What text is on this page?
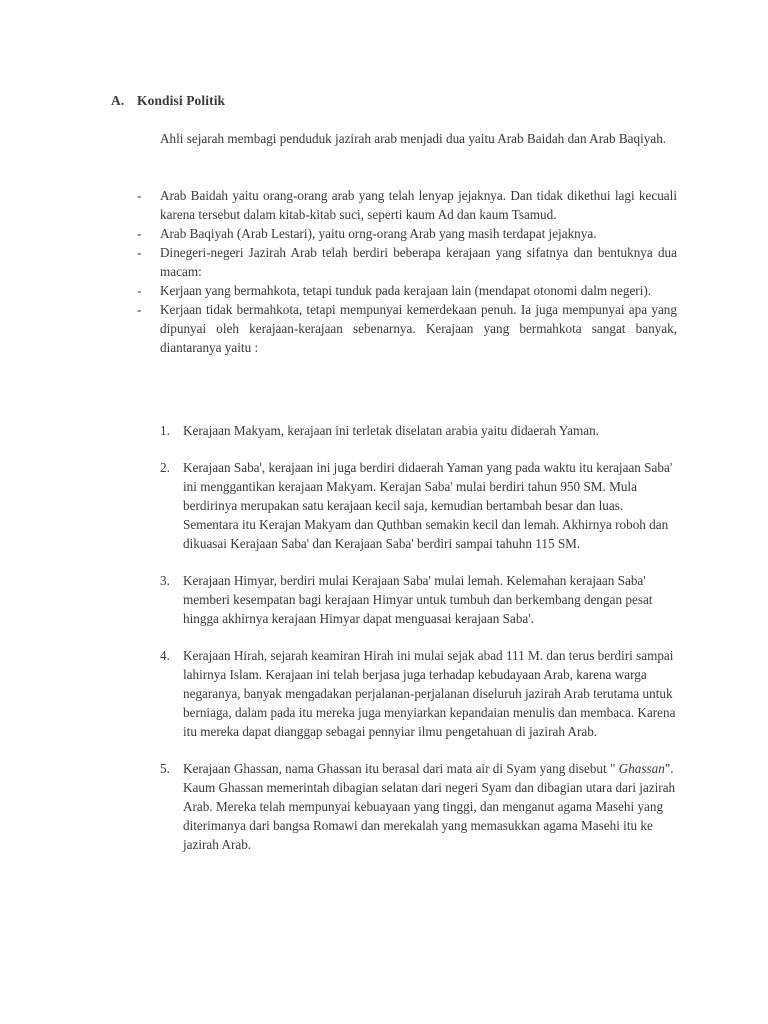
A. Kondisi Politik

Ahli sejarah membagi penduduk jazirah arab menjadi dua yaitu Arab Baidah dan Arab Baqiyah.

- Arab Baidah yaitu orang-orang arab yang telah lenyap jejaknya. Dan tidak dikethui lagi kecuali karena tersebut dalam kitab-kitab suci, seperti kaum Ad dan kaum Tsamud.
- Arab Baqiyah (Arab Lestari), yaitu orng-orang Arab yang masih terdapat jejaknya.
- Dinegeri-negeri Jazirah Arab telah berdiri beberapa kerajaan yang sifatnya dan bentuknya dua macam:
- Kerjaan yang bermahkota, tetapi tunduk pada kerajaan lain (mendapat otonomi dalm negeri).
- Kerjaan tidak bermahkota, tetapi mempunyai kemerdekaan penuh. Ia juga mempunyai apa yang dipunyai oleh kerajaan-kerajaan sebenarnya. Kerajaan yang bermahkota sangat banyak, diantaranya yaitu :
1. Kerajaan Makyam, kerajaan ini terletak diselatan arabia yaitu didaerah Yaman.
2. Kerajaan Saba', kerajaan ini juga berdiri didaerah Yaman yang pada waktu itu kerajaan Saba' ini menggantikan kerajaan Makyam. Kerajan Saba' mulai berdiri tahun 950 SM. Mula berdirinya merupakan satu kerajaan kecil saja, kemudian bertambah besar dan luas. Sementara itu Kerajan Makyam dan Quthban semakin kecil dan lemah. Akhirnya roboh dan dikuasai Kerajaan Saba' dan Kerajaan Saba' berdiri sampai tahuhn 115 SM.
3. Kerajaan Himyar, berdiri mulai Kerajaan Saba' mulai lemah. Kelemahan kerajaan Saba' memberi kesempatan bagi kerajaan Himyar untuk tumbuh dan berkembang dengan pesat hingga akhirnya kerajaan Himyar dapat menguasai kerajaan Saba'.
4. Kerajaan Hirah, sejarah keamiran Hirah ini mulai sejak abad 111 M. dan terus berdiri sampai lahirnya Islam. Kerajaan ini telah berjasa juga terhadap kebudayaan Arab, karena warga negaranya, banyak mengadakan perjalanan-perjalanan diseluruh jazirah Arab terutama untuk berniaga, dalam pada itu mereka juga menyiarkan kepandaian menulis dan membaca. Karena itu mereka dapat dianggap sebagai pennyiar ilmu pengetahuan di jazirah Arab.
5. Kerajaan Ghassan, nama Ghassan itu berasal dari mata air di Syam yang disebut " Ghassan". Kaum Ghassan memerintah dibagian selatan dari negeri Syam dan dibagian utara dari jazirah Arab. Mereka telah mempunyai kebuayaan yang tinggi, dan menganut agama Masehi yang diterimanya dari bangsa Romawi dan merekalah yang memasukkan agama Masehi itu ke jazirah Arab.
